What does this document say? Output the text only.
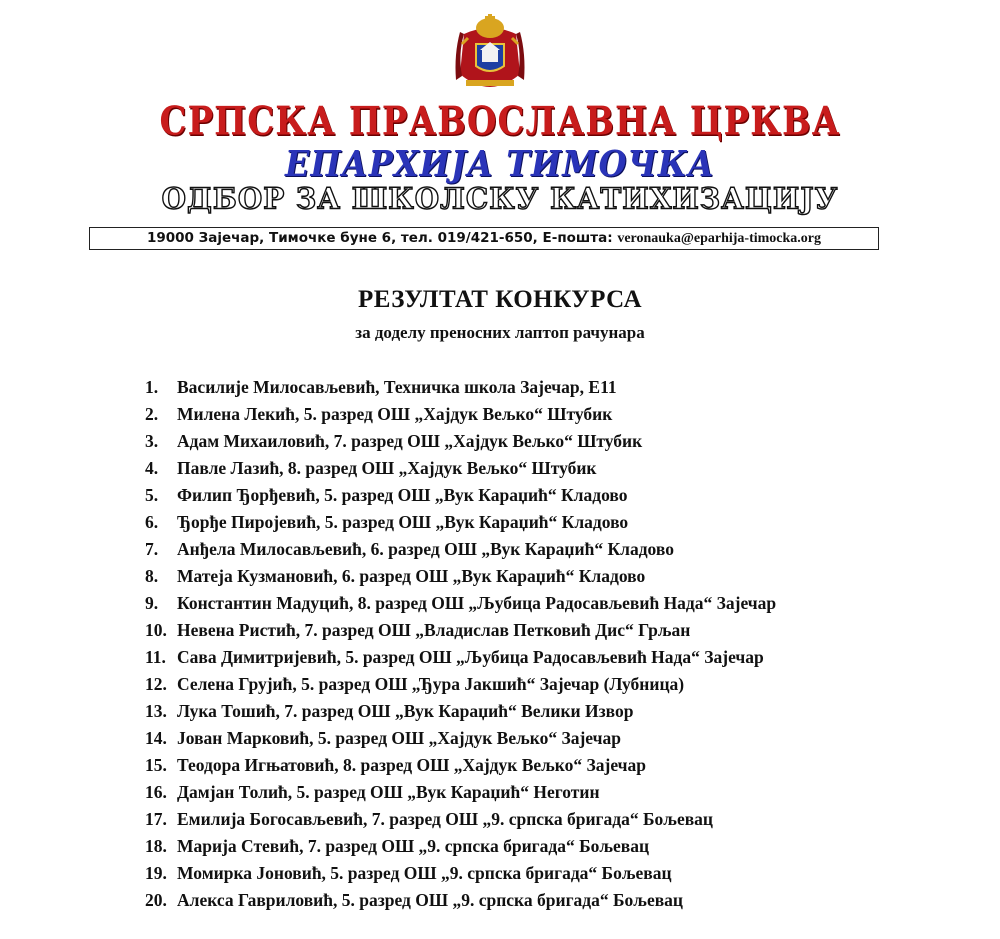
СРПСКА ПРАВОСЛАВНА ЦРКВА
ЕПАРХИЈА ТИМОЧКА
ОДБОР ЗА ШКОЛСКУ КАТИХИЗАЦИЈУ
19000 Зајечар, Тимочке буне 6, тел. 019/421-650, Е-пошта: veronauka@eparhija-timocka.org
РЕЗУЛТАТ КОНКУРСА
за доделу преносних лаптоп рачунара
1. Василије Милосављевић, Техничка школа Зајечар, Е11
2. Милена Лекић, 5. разред ОШ „Хајдук Вељко“ Штубик
3. Адам Михаиловић, 7. разред ОШ „Хајдук Вељко“ Штубик
4. Павле Лазић, 8. разред ОШ „Хајдук Вељко“ Штубик
5. Филип Ђорђевић, 5. разред ОШ „Вук Караџић“ Кладово
6. Ђорђе Пиројевић, 5. разред ОШ „Вук Караџић“ Кладово
7. Анђела Милосављевић, 6. разред ОШ „Вук Караџић“ Кладово
8. Матеја Кузмановић, 6. разред ОШ „Вук Караџић“ Кладово
9. Константин Мадуцић, 8. разред ОШ „Љубица Радосављевић Нада“ Зајечар
10. Невена Ристић, 7. разред ОШ „Владислав Петковић Дис“ Грљан
11. Сава Димитријевић, 5. разред ОШ „Љубица Радосављевић Нада“ Зајечар
12. Селена Грујић, 5. разред ОШ „Ђура Јакшић“ Зајечар (Лубница)
13. Лука Тошић, 7. разред ОШ „Вук Караџић“ Велики Извор
14. Јован Марковић, 5. разред ОШ „Хајдук Вељко“ Зајечар
15. Теодора Игњатовић, 8. разред ОШ „Хајдук Вељко“ Зајечар
16. Дамјан Толић, 5. разред ОШ „Вук Караџић“ Неготин
17. Емилија Богосављевић, 7. разред ОШ „9. српска бригада“ Бољевац
18. Марија Стевић, 7. разред ОШ „9. српска бригада“ Бољевац
19. Момирка Јоновић, 5. разред ОШ „9. српска бригада“ Бољевац
20. Алекса Гавриловић, 5. разред ОШ „9. српска бригада“ Бољевац
